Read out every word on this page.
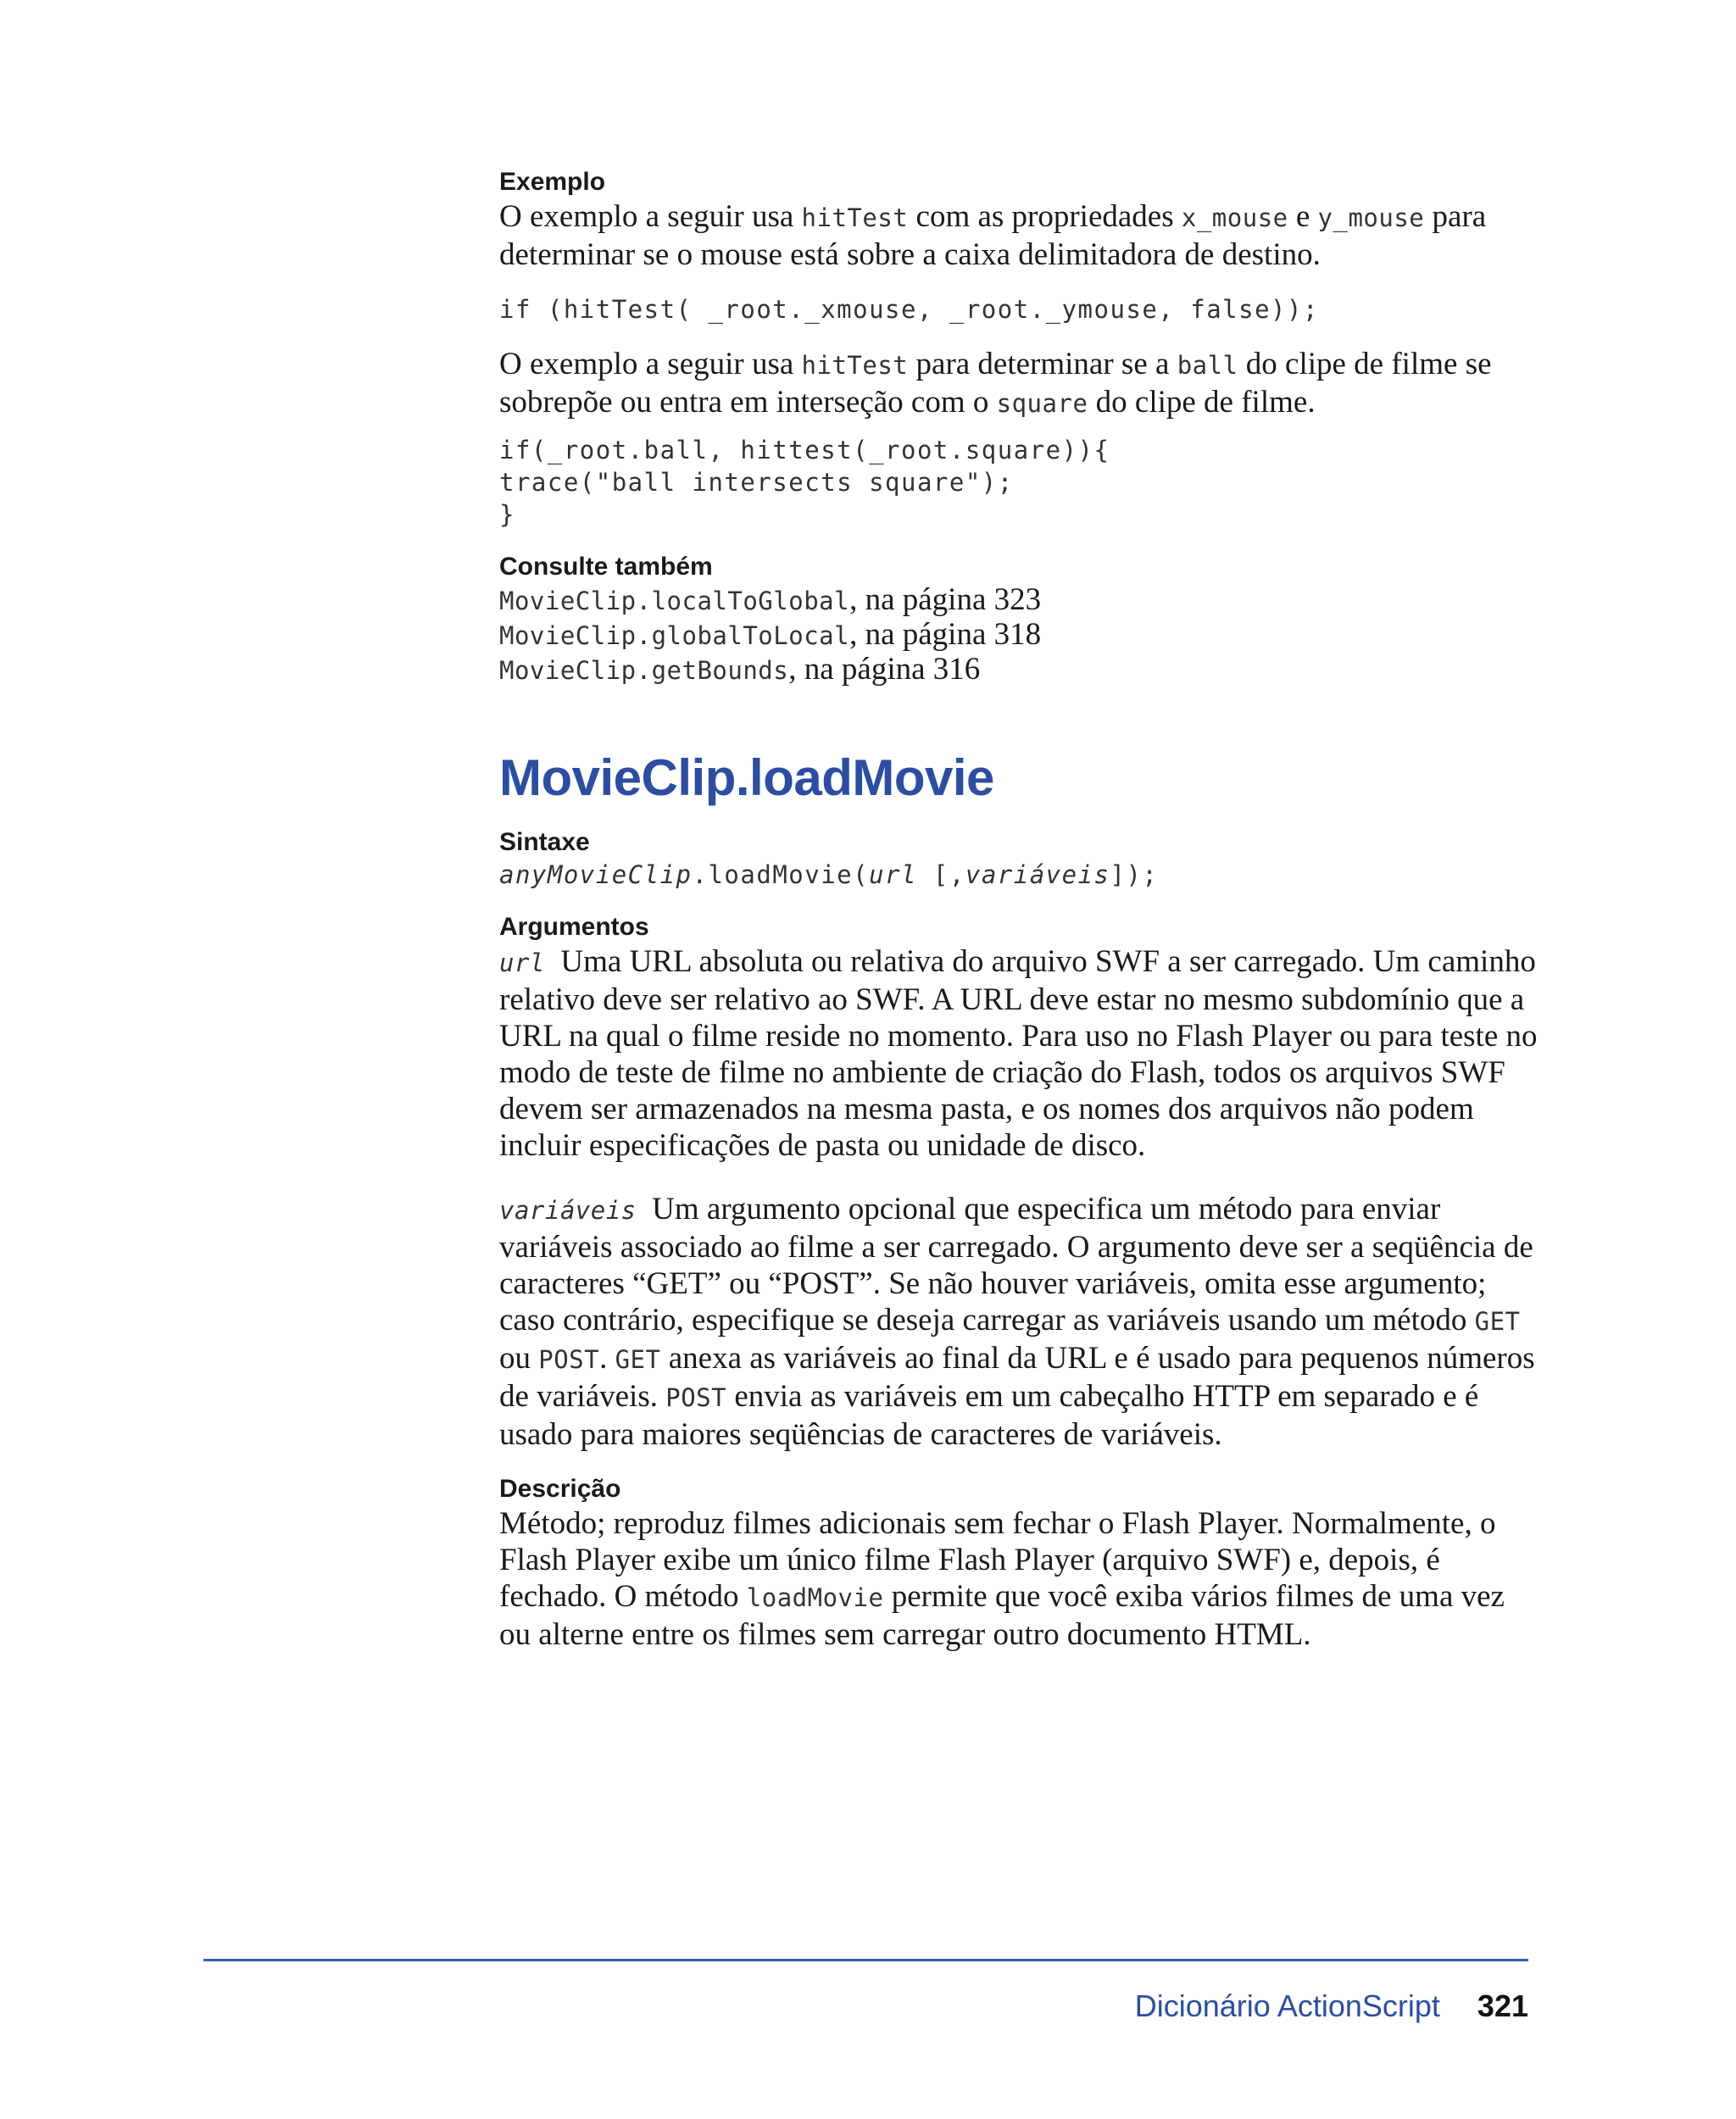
Exemplo

O exemplo a seguir usa hitTest com as propriedades x_mouse e y_mouse para determinar se o mouse está sobre a caixa delimitadora de destino.

if (hitTest( _root._xmouse, _root._ymouse, false));

O exemplo a seguir usa hitTest para determinar se a ball do clipe de filme se sobrepõe ou entra em interseção com o square do clipe de filme.

if(_root.ball, hittest(_root.square)){

trace("ball intersects square");

}

Consulte também

MovieClip.localToGlobal, na página 323

MovieClip.globalToLocal, na página 318

MovieClip.getBounds, na página 316

MovieClip.loadMovie

Sintaxe

anyMovieClip.loadMovie(url [,variáveis]);

Argumentos

url Uma URL absoluta ou relativa do arquivo SWF a ser carregado. Um caminho relativo deve ser relativo ao SWF. A URL deve estar no mesmo subdomínio que a URL na qual o filme reside no momento. Para uso no Flash Player ou para teste no modo de teste de filme no ambiente de criação do Flash, todos os arquivos SWF devem ser armazenados na mesma pasta, e os nomes dos arquivos não podem incluir especificações de pasta ou unidade de disco.

variáveis Um argumento opcional que especifica um método para enviar variáveis associado ao filme a ser carregado. O argumento deve ser a seqüência de caracteres “GET” ou “POST”. Se não houver variáveis, omita esse argumento; caso contrário, especifique se deseja carregar as variáveis usando um método GET ou POST. GET anexa as variáveis ao final da URL e é usado para pequenos números de variáveis. POST envia as variáveis em um cabeçalho HTTP em separado e é usado para maiores seqüências de caracteres de variáveis.

Descrição

Método; reproduz filmes adicionais sem fechar o Flash Player. Normalmente, o Flash Player exibe um único filme Flash Player (arquivo SWF) e, depois, é fechado. O método loadMovie permite que você exiba vários filmes de uma vez ou alterne entre os filmes sem carregar outro documento HTML.

Dicionário ActionScript 321
